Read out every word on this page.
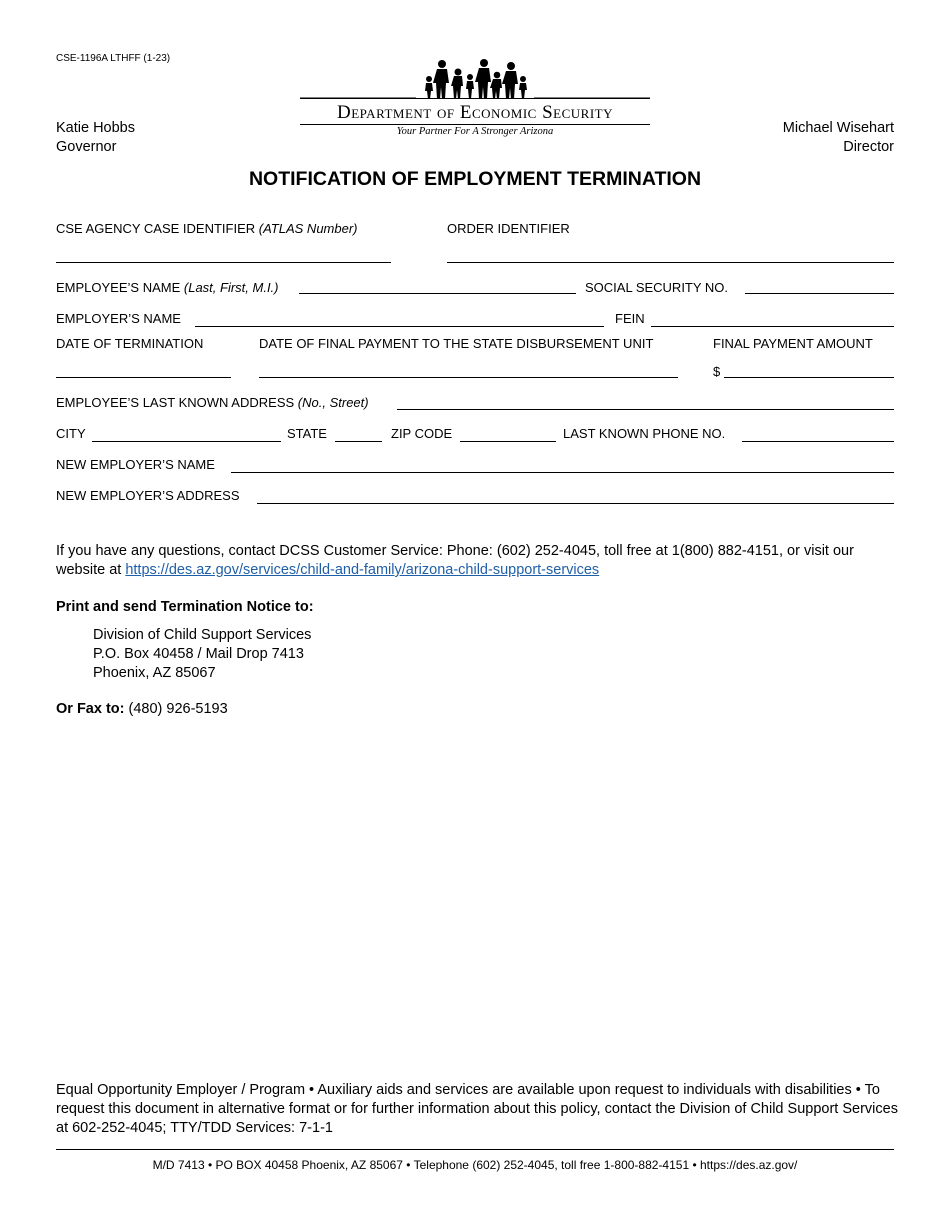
CSE-1196A LTHFF (1-23)
Katie Hobbs
Governor
Michael Wisehart
Director
Department of Economic Security
Your Partner For A Stronger Arizona
NOTIFICATION OF EMPLOYMENT TERMINATION
CSE AGENCY CASE IDENTIFIER (ATLAS Number)	ORDER IDENTIFIER
EMPLOYEE’S NAME (Last, First, M.I.)	SOCIAL SECURITY NO.
EMPLOYER’S NAME	FEIN
DATE OF TERMINATION	DATE OF FINAL PAYMENT TO THE STATE DISBURSEMENT UNIT	FINAL PAYMENT AMOUNT
$
EMPLOYEE’S LAST KNOWN ADDRESS (No., Street)
CITY	STATE	ZIP CODE	LAST KNOWN PHONE NO.
NEW EMPLOYER’S NAME
NEW EMPLOYER’S ADDRESS
If you have any questions, contact DCSS Customer Service: Phone: (602) 252-4045, toll free at 1(800) 882-4151, or visit our website at https://des.az.gov/services/child-and-family/arizona-child-support-services
Print and send Termination Notice to:
Division of Child Support Services
P.O. Box 40458 / Mail Drop 7413
Phoenix, AZ 85067
Or Fax to: (480) 926-5193
Equal Opportunity Employer / Program • Auxiliary aids and services are available upon request to individuals with disabilities • To request this document in alternative format or for further information about this policy, contact the Division of Child Support Services at 602-252-4045; TTY/TDD Services: 7-1-1
M/D 7413 • PO BOX 40458 Phoenix, AZ 85067 • Telephone (602) 252-4045, toll free 1-800-882-4151 • https://des.az.gov/
